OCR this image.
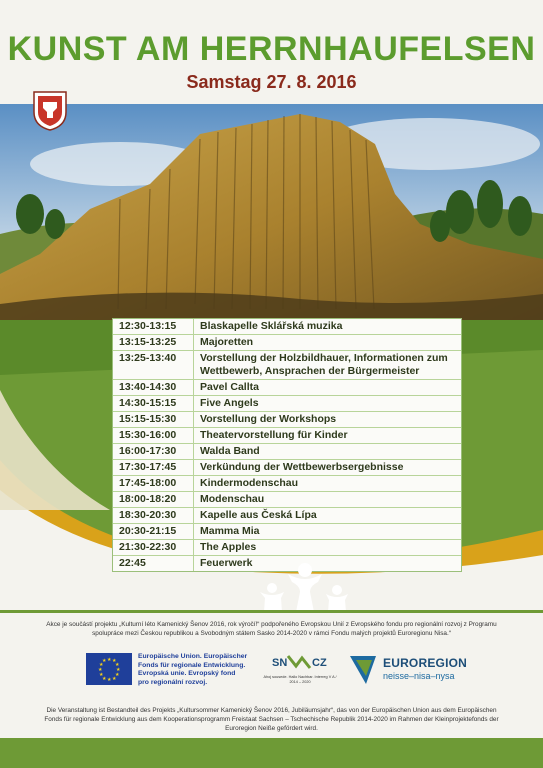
KUNST AM HERRNHAUFELSEN
Samstag 27. 8. 2016
12:30-13:15	Blaskapelle Sklářská muzika
13:15-13:25	Majoretten
13:25-13:40	Vorstellung der Holzbildhauer, Informationen zum Wettbewerb, Ansprachen der Bürgermeister
13:40-14:30	Pavel Callta
14:30-15:15	Five Angels
15:15-15:30	Vorstellung der Workshops
15:30-16:00	Theatervorstellung für Kinder
16:00-17:30	Walda Band
17:30-17:45	Verkündung der Wettbewerbsergebnisse
17:45-18:00	Kindermodenschau
18:00-18:20	Modenschau
18:30-20:30	Kapelle aus Česká Lípa
20:30-21:15	Mamma Mia
21:30-22:30	The Apples
22:45	Feuerwerk
Akce je součástí projektu „Kulturní léto Kamenický Šenov 2016, rok výročí!“ podpořeného Evropskou Unií z Evropského fondu pro regionální rozvoj z Programu spolupráce mezi Českou republikou a Svobodným státem Sasko 2014-2020 v rámci Fondu malých projektů Euroregionu Nisa.“
★ ★
★
★
★
★
★
★
★
★
★
★
Europäische Union. Europäischer Fonds für regionale Entwicklung. Evropská unie. Evropský fond pro regionální rozvoj.
SN CZ
Ahoj sousede. Hallo Nachbar. Interreg V A / 2014 – 2020
EUROREGION
neisse–nisa–nysa
Die Veranstaltung ist Bestandteil des Projekts „Kultursommer Kamenický Šenov 2016, Jubiläumsjahr“, das von der Europäischen Union aus dem Europäischen Fonds für regionale Entwicklung aus dem Kooperationsprogramm Freistaat Sachsen – Tschechische Republik 2014-2020 im Rahmen der Kleinprojektefonds der Euroregion Neiße gefördert wird.
